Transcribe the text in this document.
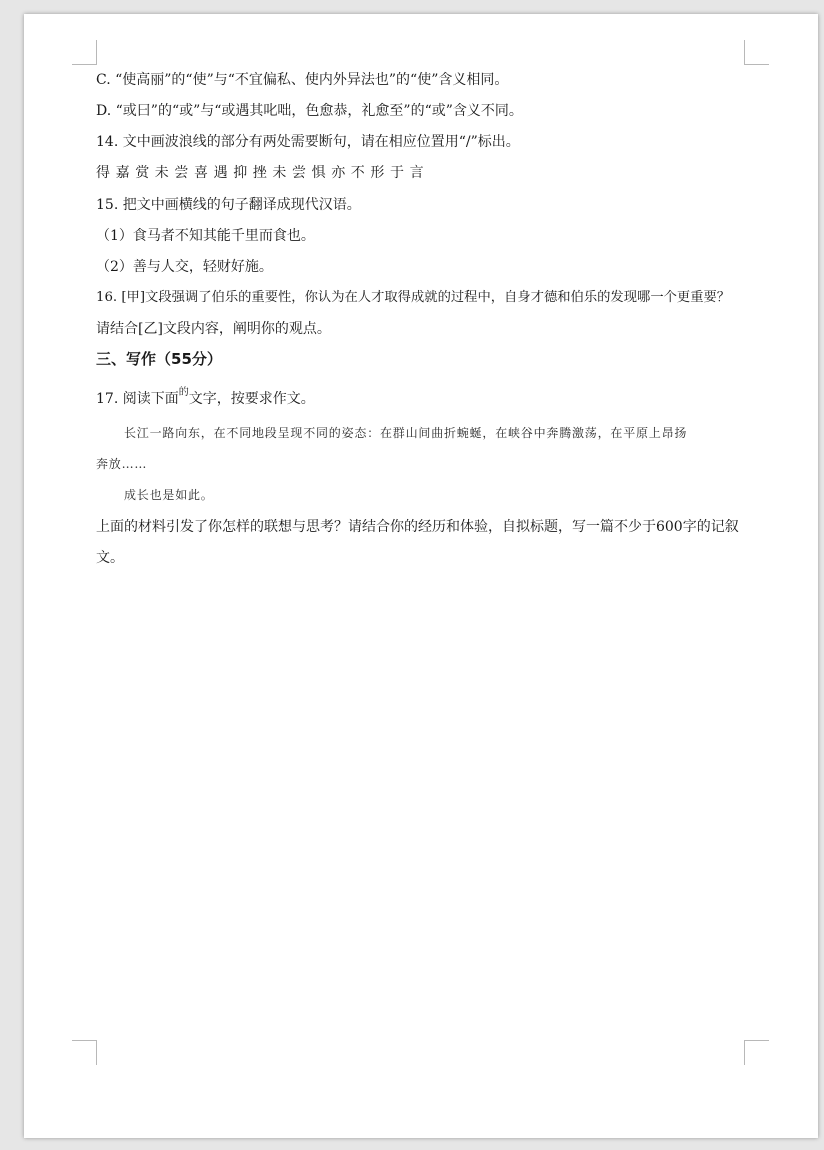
C. “使高丽”的“使”与“不宜偏私、使内外异法也”的“使”含义相同。
D. “或曰”的“或”与“或遇其叱咄，色愈恭，礼愈至”的“或”含义不同。
14. 文中画波浪线的部分有两处需要断句，请在相应位置用“/”标出。
得嘉赏未尝喜遇抑挫未尝惧亦不形于言
15. 把文中画横线的句子翻译成现代汉语。
（1）食马者不知其能千里而食也。
（2）善与人交，轻财好施。
16. [甲]文段强调了伯乐的重要性，你认为在人才取得成就的过程中，自身才德和伯乐的发现哪一个更重要？
请结合[乙]文段内容，阐明你的观点。
三、写作（55分）
17. 阅读下面$^的$文字，按要求作文。
长江一路向东，在不同地段呈现不同的姿态：在群山间曲折蜿蜒，在峡谷中奔腾激荡，在平原上昂扬
奔放……
成长也是如此。
上面的材料引发了你怎样的联想与思考？请结合你的经历和体验，自拟标题，写一篇不少于600字的记叙
文。
